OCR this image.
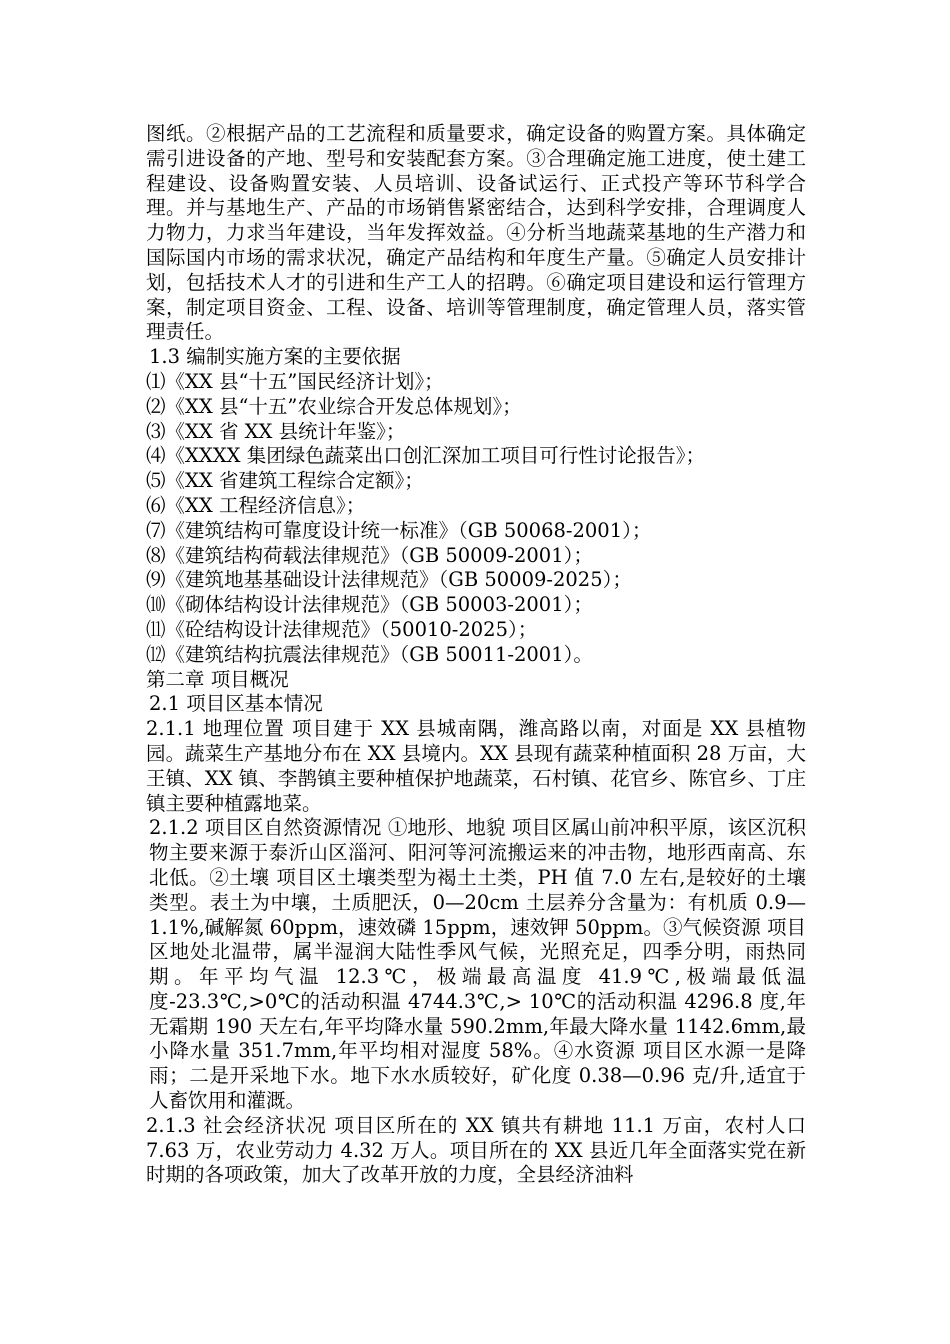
图纸。②根据产品的工艺流程和质量要求，确定设备的购置方案。具体确定需引进设备的产地、型号和安装配套方案。③合理确定施工进度，使土建工程建设、设备购置安装、人员培训、设备试运行、正式投产等环节科学合理。并与基地生产、产品的市场销售紧密结合，达到科学安排，合理调度人力物力，力求当年建设，当年发挥效益。④分析当地蔬菜基地的生产潜力和国际国内市场的需求状况，确定产品结构和年度生产量。⑤确定人员安排计划，包括技术人才的引进和生产工人的招聘。⑥确定项目建设和运行管理方案，制定项目资金、工程、设备、培训等管理制度，确定管理人员，落实管理责任。

1.3 编制实施方案的主要依据

⑴《XX 县“十五”国民经济计划》；

⑵《XX 县“十五”农业综合开发总体规划》；

⑶《XX 省 XX 县统计年鉴》；

⑷《XXXX 集团绿色蔬菜出口创汇深加工项目可行性讨论报告》；

⑸《XX 省建筑工程综合定额》；

⑹《XX 工程经济信息》；

⑺《建筑结构可靠度设计统一标准》（GB 50068-2001）；

⑻《建筑结构荷载法律规范》（GB 50009-2001）；

⑼《建筑地基基础设计法律规范》（GB 50009-2025）；

⑽《砌体结构设计法律规范》（GB 50003-2001）；

⑾《砼结构设计法律规范》（50010-2025）；

⑿《建筑结构抗震法律规范》（GB 50011-2001）。

第二章 项目概况

2.1 项目区基本情况

2.1.1 地理位置 项目建于 XX 县城南隅，潍高路以南，对面是 XX 县植物园。蔬菜生产基地分布在 XX 县境内。XX 县现有蔬菜种植面积 28 万亩，大王镇、XX 镇、李鹊镇主要种植保护地蔬菜，石村镇、花官乡、陈官乡、丁庄镇主要种植露地菜。

2.1.2 项目区自然资源情况 ①地形、地貌 项目区属山前冲积平原，该区沉积物主要来源于泰沂山区淄河、阳河等河流搬运来的冲击物，地形西南高、东北低。②土壤 项目区土壤类型为褐土土类，PH 值 7.0 左右,是较好的土壤类型。表土为中壤，土质肥沃，0—20cm 土层养分含量为：有机质 0.9—1.1%,碱解氮 60ppm，速效磷 15ppm，速效钾 50ppm。③气候资源 项目区地处北温带，属半湿润大陆性季风气候，光照充足，四季分明，雨热同期。年平均气温 12.3℃，极端最高温度 41.9℃,极端最低温度-23.3℃,>0℃的活动积温 4744.3℃,> 10℃的活动积温 4296.8 度,年无霜期 190 天左右,年平均降水量 590.2mm,年最大降水量 1142.6mm,最小降水量 351.7mm,年平均相对湿度 58%。④水资源 项目区水源一是降雨；二是开采地下水。地下水水质较好，矿化度 0.38—0.96 克/升,适宜于人畜饮用和灌溉。

2.1.3 社会经济状况 项目区所在的 XX 镇共有耕地 11.1 万亩，农村人口 7.63 万，农业劳动力 4.32 万人。项目所在的 XX 县近几年全面落实党在新时期的各项政策，加大了改革开放的力度，全县经济油料
